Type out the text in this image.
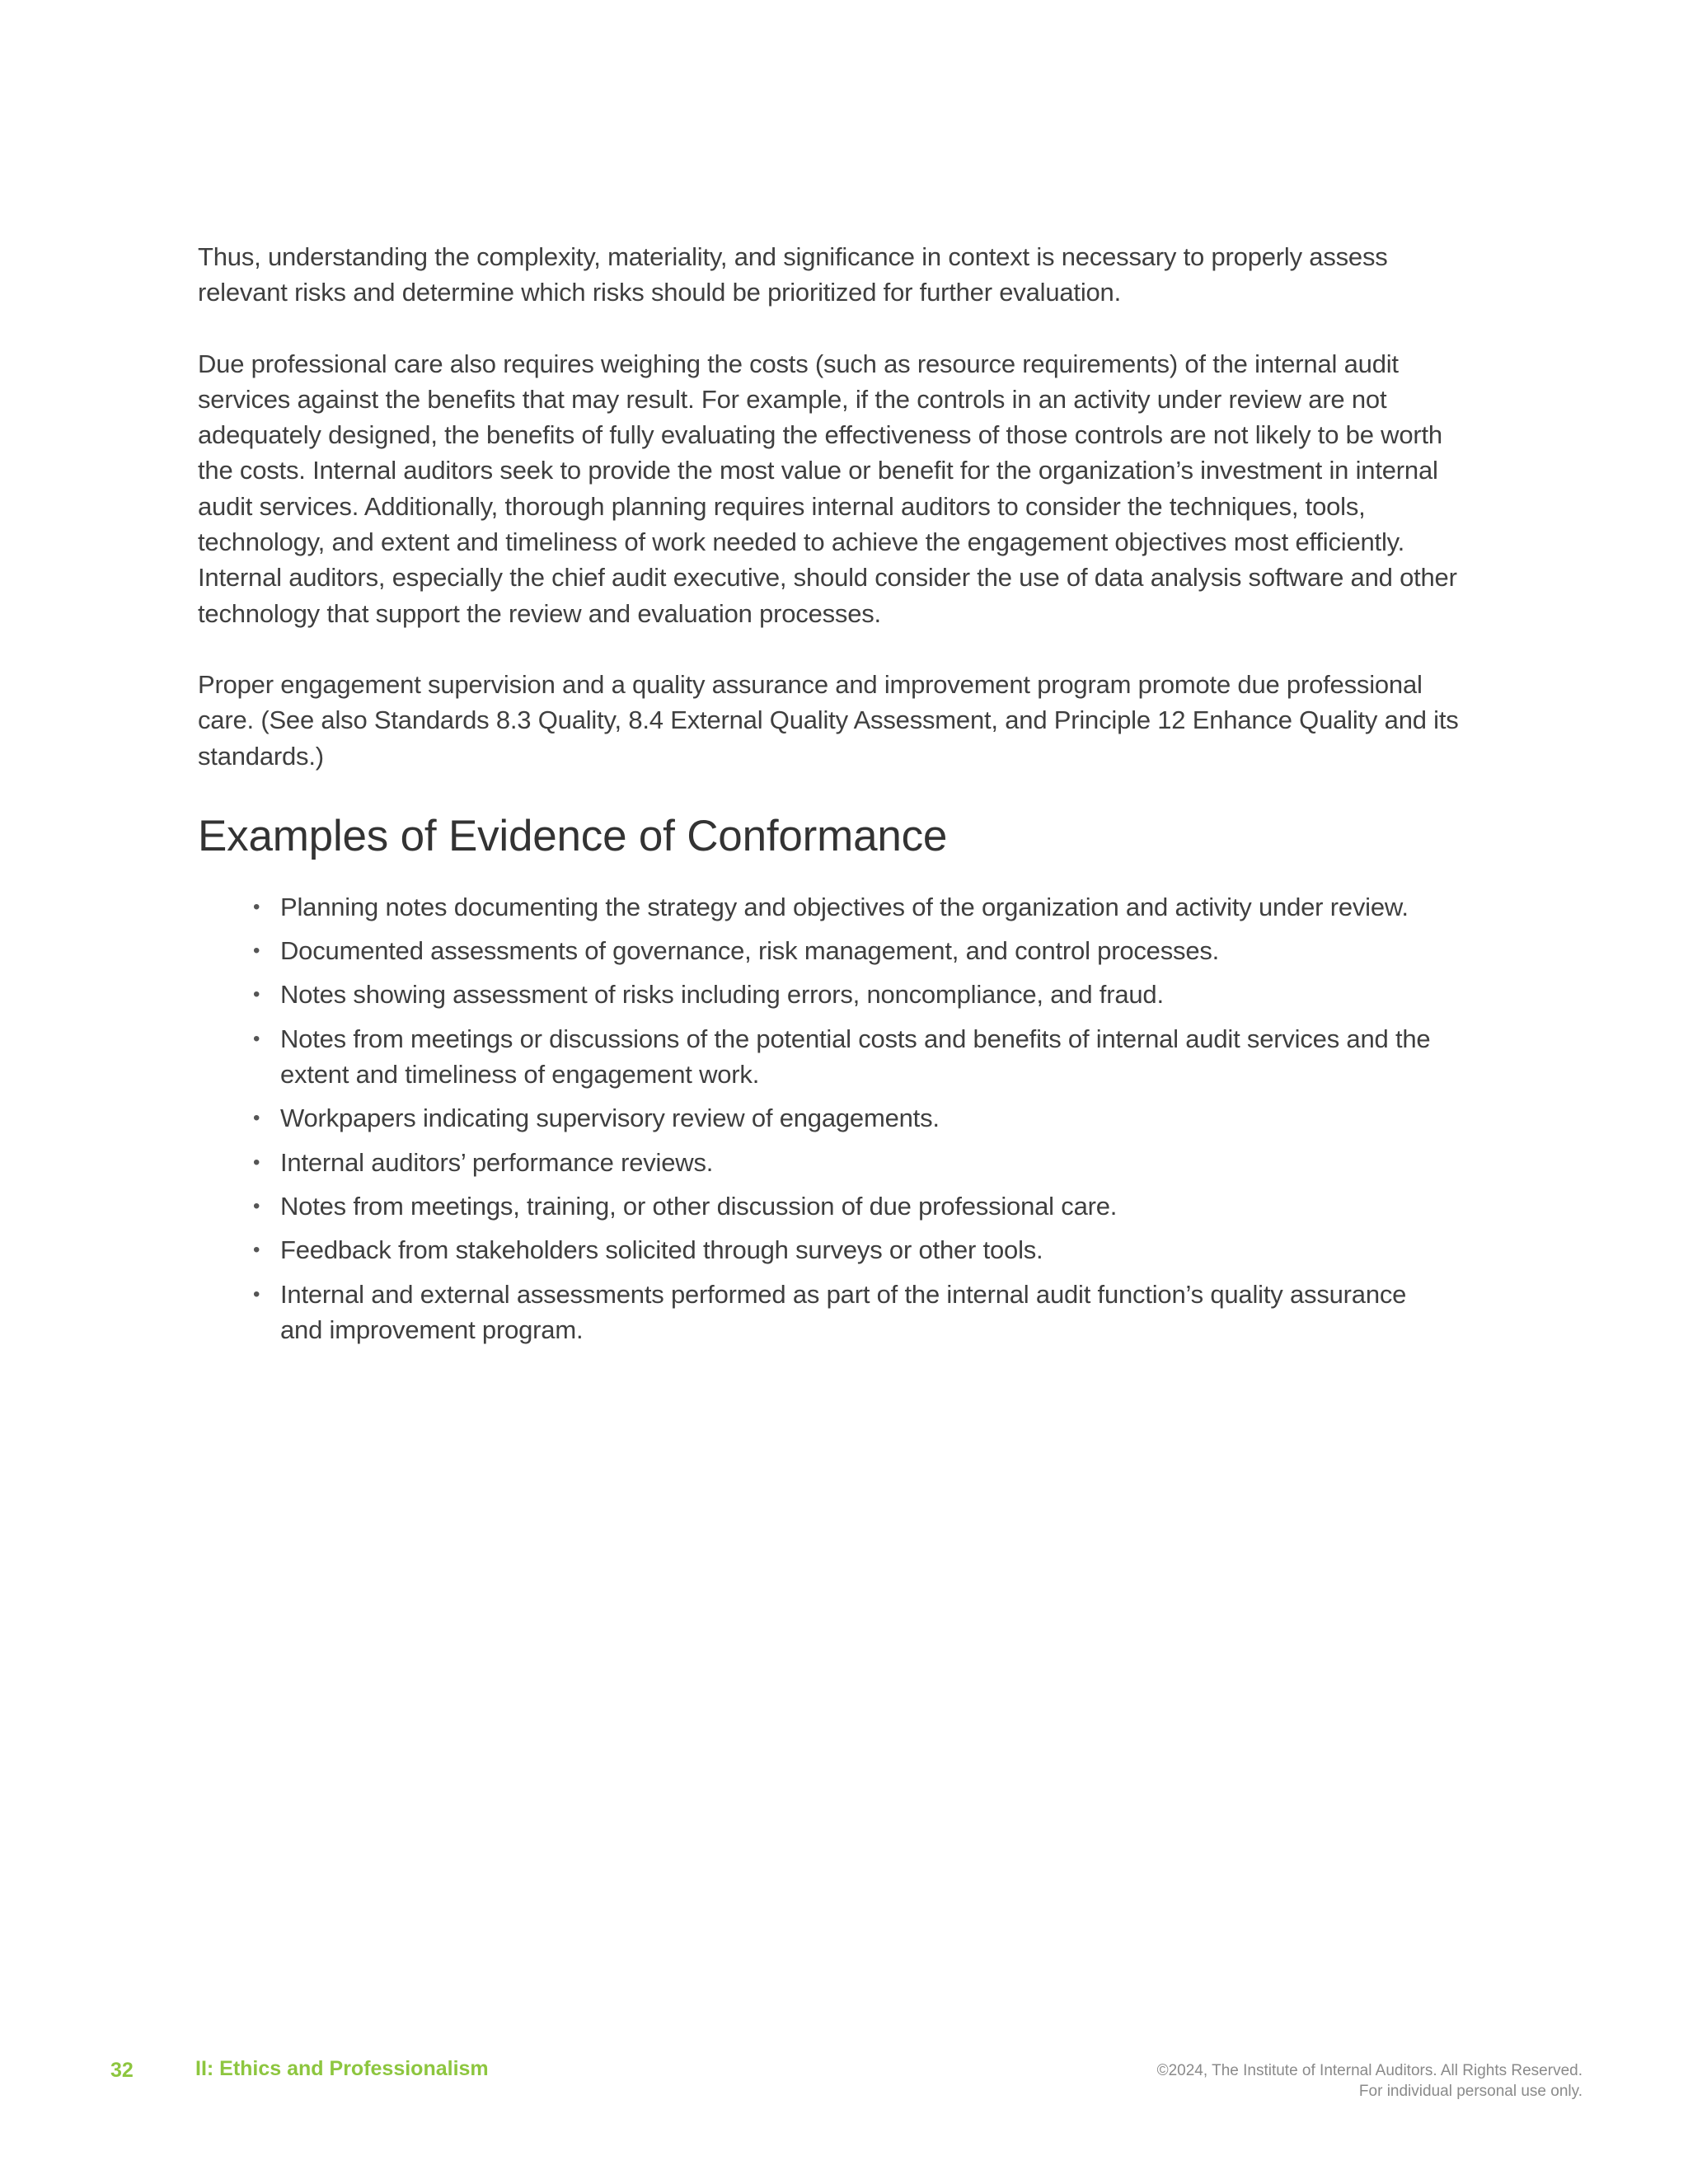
Thus, understanding the complexity, materiality, and significance in context is necessary to properly assess relevant risks and determine which risks should be prioritized for further evaluation.

Due professional care also requires weighing the costs (such as resource requirements) of the internal audit services against the benefits that may result. For example, if the controls in an activity under review are not adequately designed, the benefits of fully evaluating the effectiveness of those controls are not likely to be worth the costs. Internal auditors seek to provide the most value or benefit for the organization’s investment in internal audit services. Additionally, thorough planning requires internal auditors to consider the techniques, tools, technology, and extent and timeliness of work needed to achieve the engagement objectives most efficiently. Internal auditors, especially the chief audit executive, should consider the use of data analysis software and other technology that support the review and evaluation processes.

Proper engagement supervision and a quality assurance and improvement program promote due professional care. (See also Standards 8.3 Quality, 8.4 External Quality Assessment, and Principle 12 Enhance Quality and its standards.)

Examples of Evidence of Conformance
• Planning notes documenting the strategy and objectives of the organization and activity under review.
• Documented assessments of governance, risk management, and control processes.
• Notes showing assessment of risks including errors, noncompliance, and fraud.
• Notes from meetings or discussions of the potential costs and benefits of internal audit services and the extent and timeliness of engagement work.
• Workpapers indicating supervisory review of engagements.
• Internal auditors’ performance reviews.
• Notes from meetings, training, or other discussion of due professional care.
• Feedback from stakeholders solicited through surveys or other tools.
• Internal and external assessments performed as part of the internal audit function’s quality assurance and improvement program.
32	II: Ethics and Professionalism	©2024, The Institute of Internal Auditors. All Rights Reserved.
For individual personal use only.
